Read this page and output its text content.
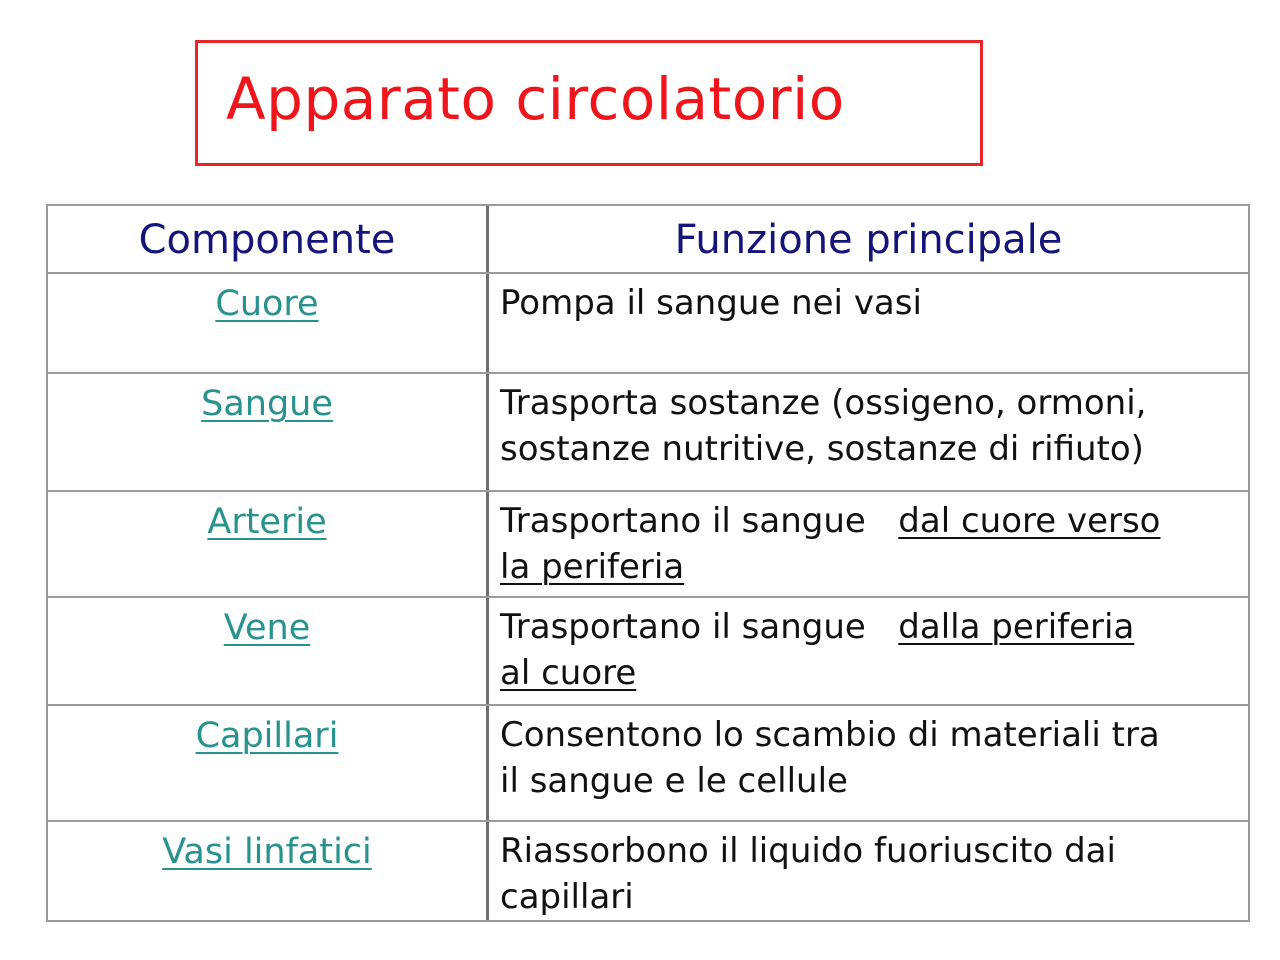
Apparato circolatorio
Componente	Funzione principale
Cuore	Pompa il sangue nei vasi
Sangue	Trasporta sostanze (ossigeno, ormoni,
sostanze nutritive, sostanze di rifiuto)
Arterie	Trasportano il sangue dal cuore verso
la periferia
Vene	Trasportano il sangue dalla periferia
al cuore
Capillari	Consentono lo scambio di materiali tra
il sangue e le cellule
Vasi linfatici	Riassorbono il liquido fuoriuscito dai
capillari
